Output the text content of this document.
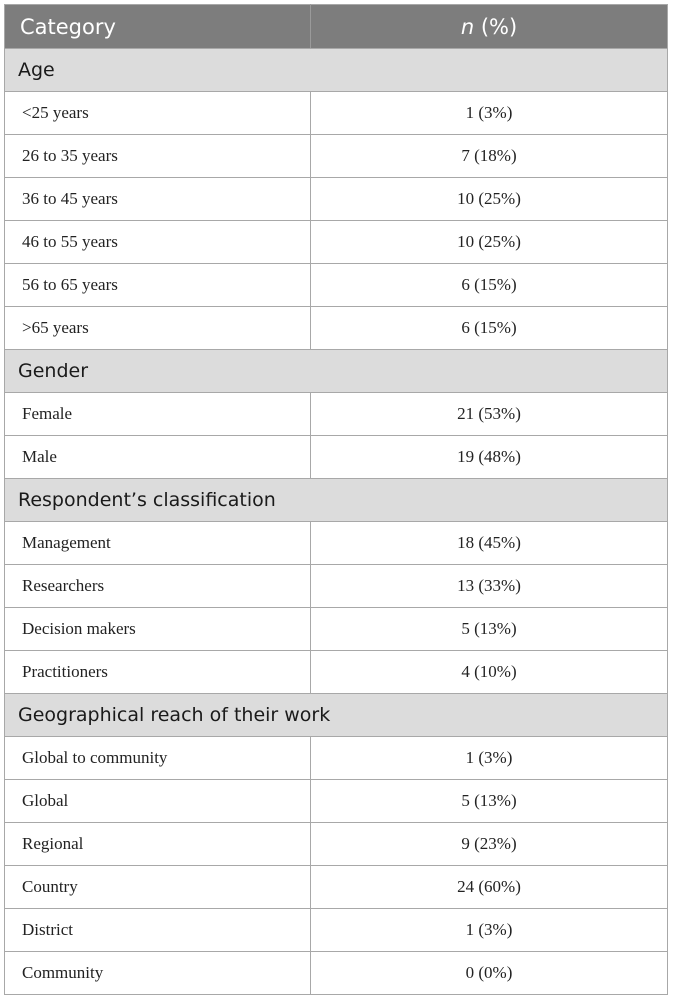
Category	n (%)
Age	
<25 years	1 (3%)
26 to 35 years	7 (18%)
36 to 45 years	10 (25%)
46 to 55 years	10 (25%)
56 to 65 years	6 (15%)
>65 years	6 (15%)
Gender	
Female	21 (53%)
Male	19 (48%)
Respondent’s classification	
Management	18 (45%)
Researchers	13 (33%)
Decision makers	5 (13%)
Practitioners	4 (10%)
Geographical reach of their work	
Global to community	1 (3%)
Global	5 (13%)
Regional	9 (23%)
Country	24 (60%)
District	1 (3%)
Community	0 (0%)
